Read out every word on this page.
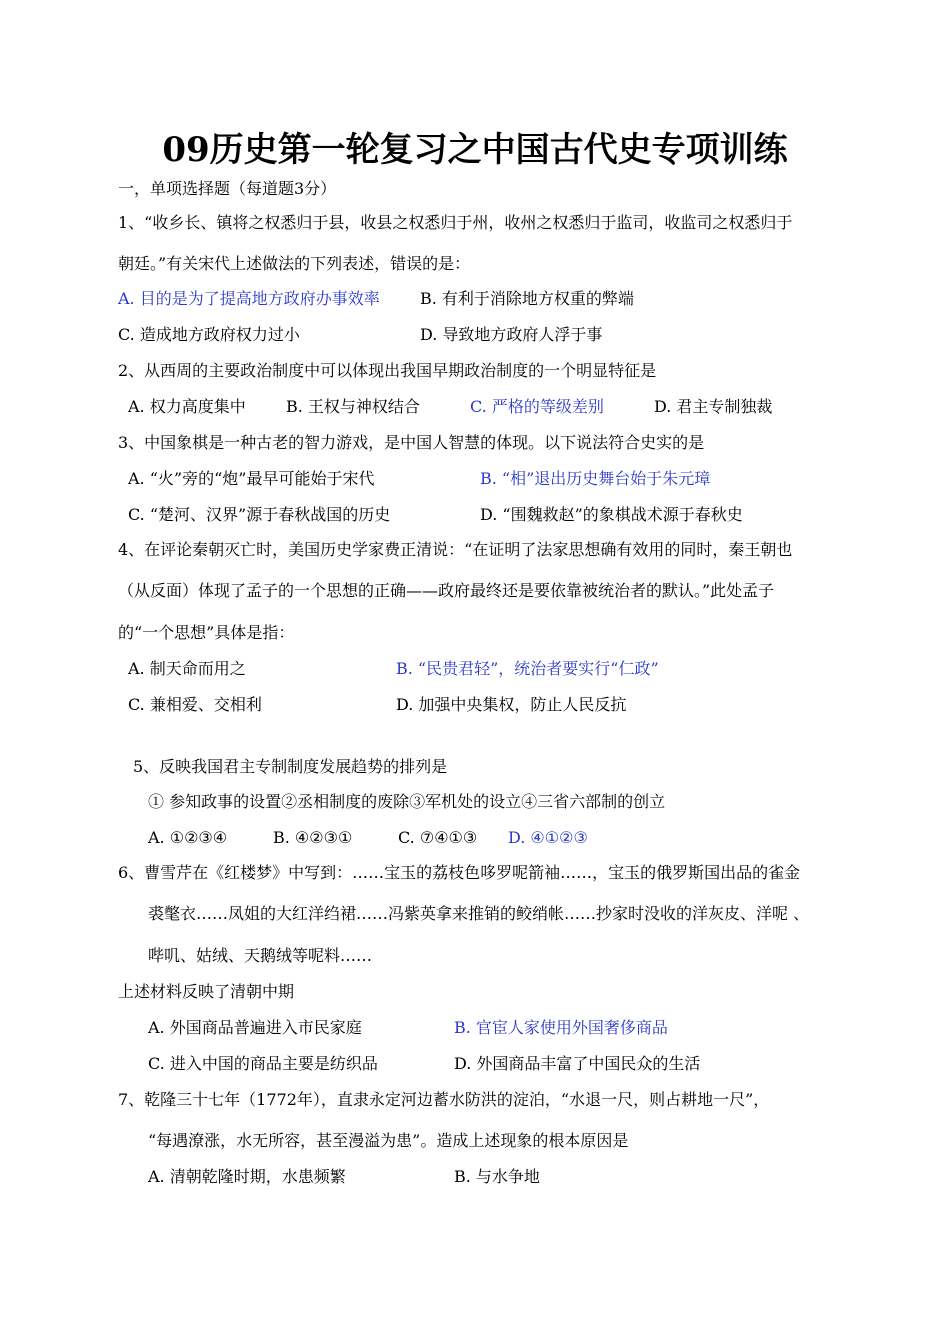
09历史第一轮复习之中国古代史专项训练
一，单项选择题（每道题3分）
1、“收乡长、镇将之权悉归于县，收县之权悉归于州，收州之权悉归于监司，收监司之权悉归于
朝廷。”有关宋代上述做法的下列表述，错误的是：
A. 目的是为了提高地方政府办事效率	B. 有利于消除地方权重的弊端
C. 造成地方政府权力过小	D. 导致地方政府人浮于事
2、从西周的主要政治制度中可以体现出我国早期政治制度的一个明显特征是
A. 权力高度集中	B. 王权与神权结合	C. 严格的等级差别	D. 君主专制独裁
3、中国象棋是一种古老的智力游戏，是中国人智慧的体现。以下说法符合史实的是
A. “火”旁的“炮”最早可能始于宋代	B. “相”退出历史舞台始于朱元璋
C. “楚河、汉界”源于春秋战国的历史	D. “围魏救赵”的象棋战术源于春秋史
4、在评论秦朝灭亡时，美国历史学家费正清说：“在证明了法家思想确有效用的同时，秦王朝也
（从反面）体现了孟子的一个思想的正确——政府最终还是要依靠被统治者的默认。”此处孟子
的“一个思想”具体是指：
A. 制天命而用之	B. “民贵君轻”，统治者要实行“仁政”
C. 兼相爱、交相利	D. 加强中央集权，防止人民反抗
5、反映我国君主专制制度发展趋势的排列是
① 参知政事的设置②丞相制度的废除③军机处的设立④三省六部制的创立
A. ①②③④	B. ④②③①	C. ⑦④①③ D. ④①②③
6、曹雪芹在《红楼梦》中写到：……宝玉的荔枝色哆罗呢箭袖……，宝玉的俄罗斯国出品的雀金
裘氅衣……凤姐的大红洋绉裙……冯紫英拿来推销的鲛绡帐……抄家时没收的洋灰皮、洋呢 、
哔叽、姑绒、天鹅绒等呢料……
上述材料反映了清朝中期
A. 外国商品普遍进入市民家庭	B. 官宦人家使用外国奢侈商品
C. 进入中国的商品主要是纺织品	D. 外国商品丰富了中国民众的生活
7、乾隆三十七年（1772年），直隶永定河边蓄水防洪的淀泊，“水退一尺，则占耕地一尺”，
“每遇潦涨，水无所容，甚至漫溢为患”。造成上述现象的根本原因是
A. 清朝乾隆时期，水患频繁	B. 与水争地
